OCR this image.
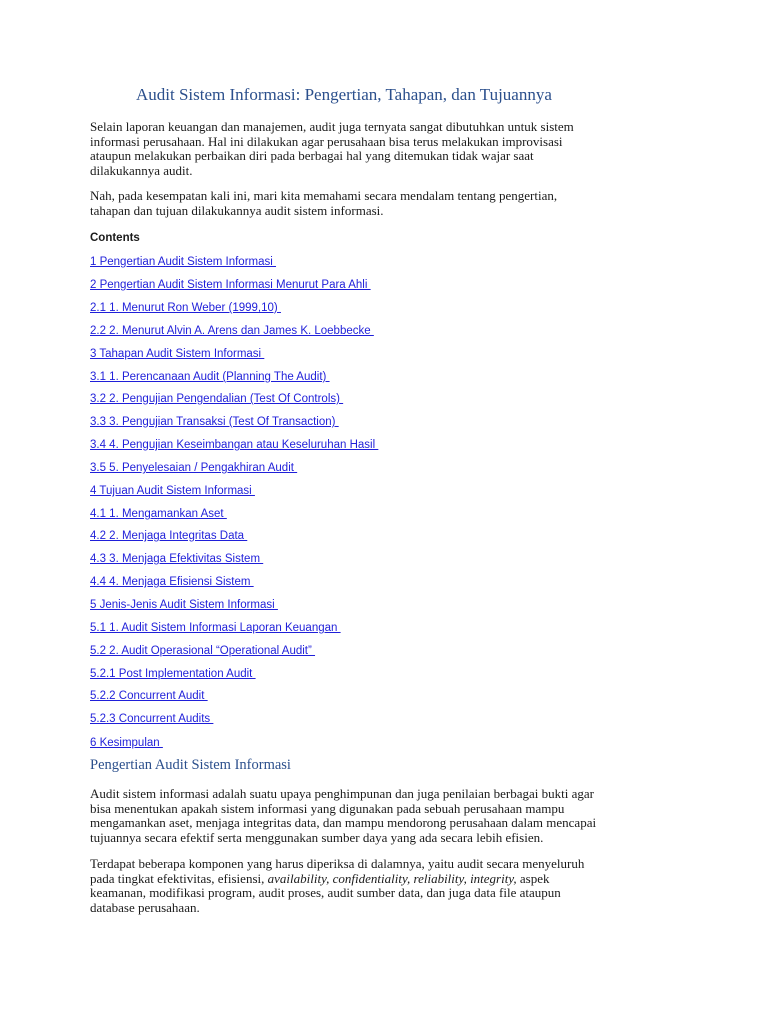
Audit Sistem Informasi: Pengertian, Tahapan, dan Tujuannya

Selain laporan keuangan dan manajemen, audit juga ternyata sangat dibutuhkan untuk sistem
informasi perusahaan. Hal ini dilakukan agar perusahaan bisa terus melakukan improvisasi
ataupun melakukan perbaikan diri pada berbagai hal yang ditemukan tidak wajar saat
dilakukannya audit.

Nah, pada kesempatan kali ini, mari kita memahami secara mendalam tentang pengertian,
tahapan dan tujuan dilakukannya audit sistem informasi.

Contents
1 Pengertian Audit Sistem Informasi
2 Pengertian Audit Sistem Informasi Menurut Para Ahli
2.1 1. Menurut Ron Weber (1999,10)
2.2 2. Menurut Alvin A. Arens dan James K. Loebbecke
3 Tahapan Audit Sistem Informasi
3.1 1. Perencanaan Audit (Planning The Audit)
3.2 2. Pengujian Pengendalian (Test Of Controls)
3.3 3. Pengujian Transaksi (Test Of Transaction)
3.4 4. Pengujian Keseimbangan atau Keseluruhan Hasil
3.5 5. Penyelesaian / Pengakhiran Audit
4 Tujuan Audit Sistem Informasi
4.1 1. Mengamankan Aset
4.2 2. Menjaga Integritas Data
4.3 3. Menjaga Efektivitas Sistem
4.4 4. Menjaga Efisiensi Sistem
5 Jenis-Jenis Audit Sistem Informasi
5.1 1. Audit Sistem Informasi Laporan Keuangan
5.2 2. Audit Operasional “Operational Audit”
5.2.1 Post Implementation Audit
5.2.2 Concurrent Audit
5.2.3 Concurrent Audits
6 Kesimpulan
Pengertian Audit Sistem Informasi

Audit sistem informasi adalah suatu upaya penghimpunan dan juga penilaian berbagai bukti agar
bisa menentukan apakah sistem informasi yang digunakan pada sebuah perusahaan mampu
mengamankan aset, menjaga integritas data, dan mampu mendorong perusahaan dalam mencapai
tujuannya secara efektif serta menggunakan sumber daya yang ada secara lebih efisien.

Terdapat beberapa komponen yang harus diperiksa di dalamnya, yaitu audit secara menyeluruh
pada tingkat efektivitas, efisiensi, availability, confidentiality, reliability, integrity, aspek
keamanan, modifikasi program, audit proses, audit sumber data, dan juga data file ataupun
database perusahaan.
